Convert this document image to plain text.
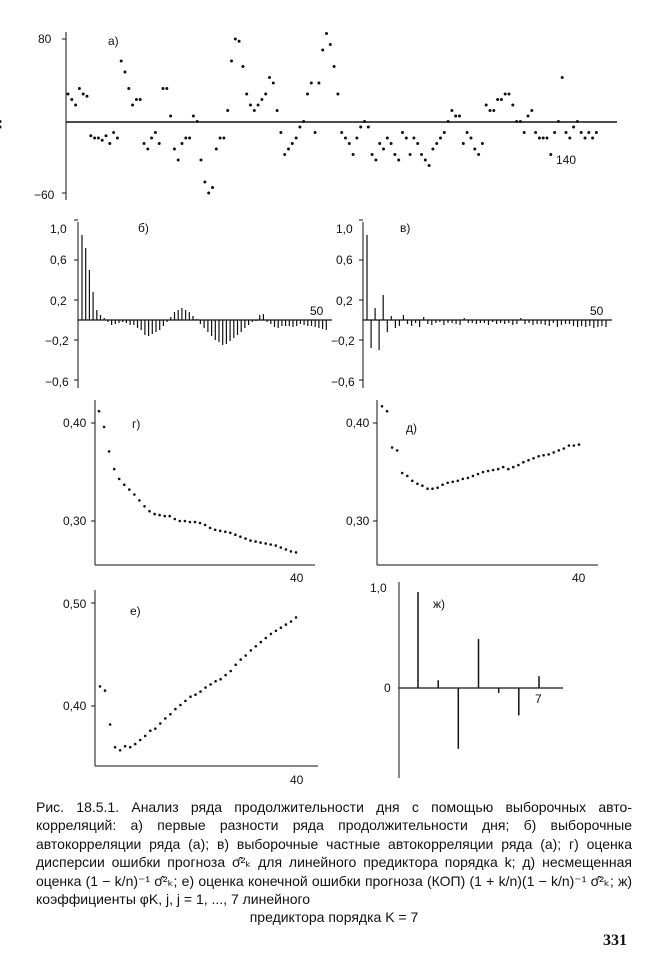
80
−60
а)
140
1,0
0,6
0,2
−0,2
−0,6
б)
50
1,0
0,6
0,2
−0,2
−0,6
в)
50
0,40
0,30
г)
40
0,40
0,30
д)
40
0,50
0,40
е)
40
1,0
0
ж)
7
Рис. 18.5.1. Анализ ряда продолжительности дня с помощью выборочных авто- корреляций: а) первые разности ряда продолжительности дня; б) выборочные автокорреляции ряда (а); в) выборочные частные автокорреляции ряда (а); г) оценка дисперсии ошибки прогноза σ̂²ₖ для линейного предиктора порядка k; д) несмещенная оценка (1 − k/n)⁻¹ σ̂²ₖ; е) оценка конечной ошибки прогноза (КОП) (1 + k/n)(1 − k/n)⁻¹ σ̂²ₖ; ж) коэффициенты φK, j, j = 1, ..., 7 линейного
предиктора порядка K = 7
331
